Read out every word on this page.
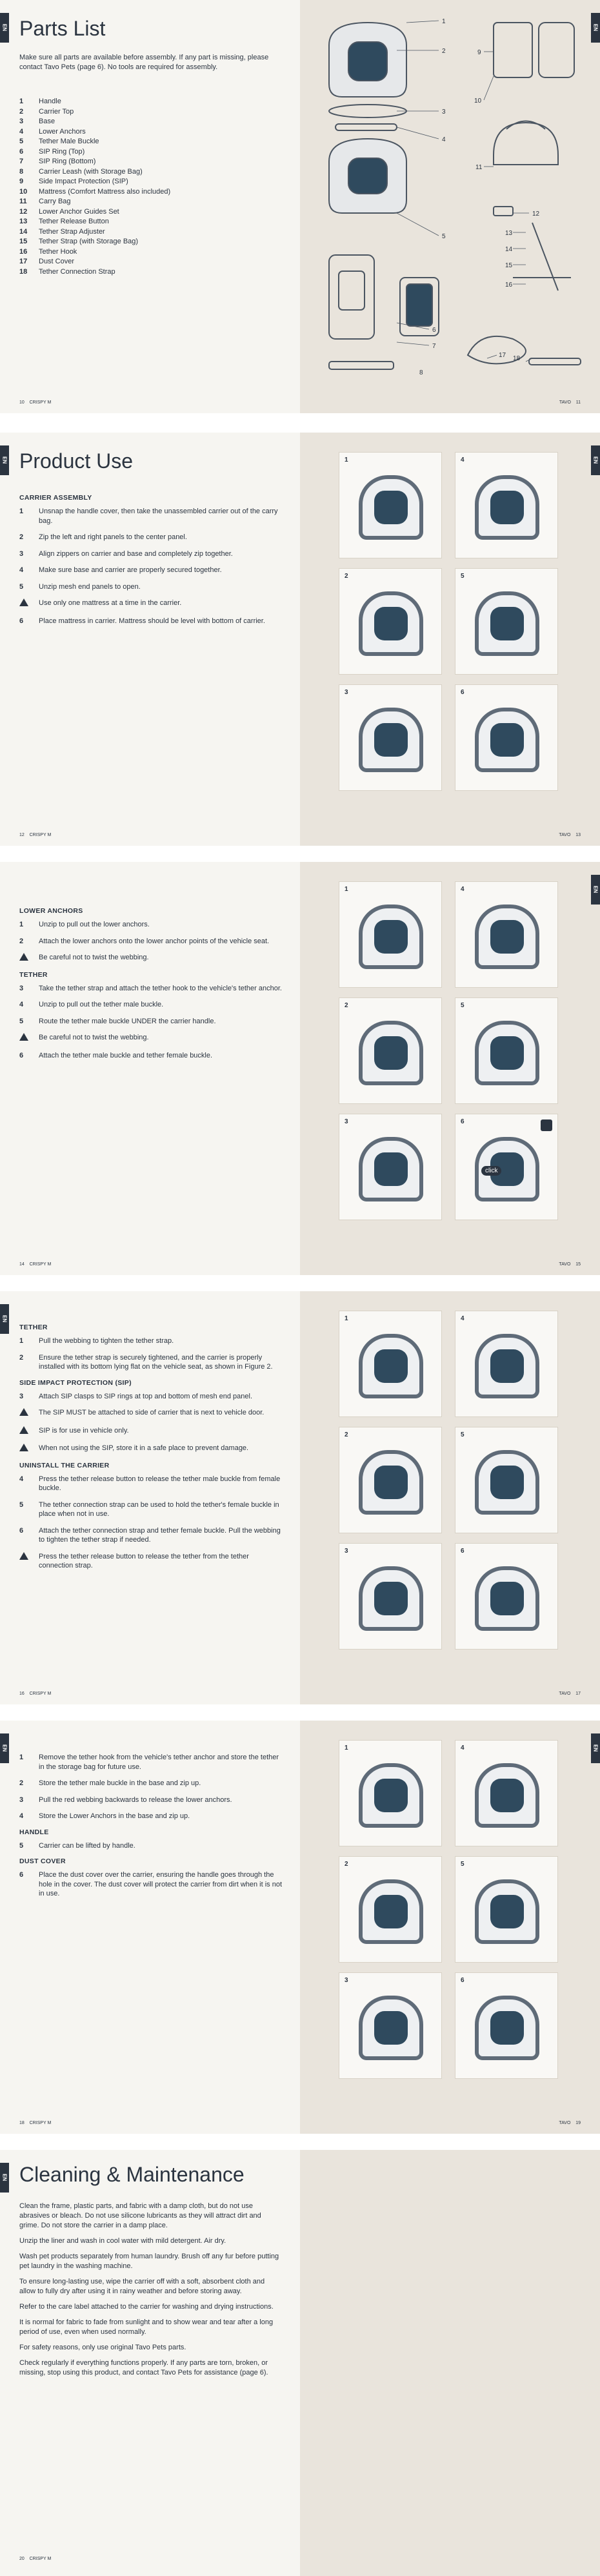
EN Parts List
Make sure all parts are available before assembly. If any part is missing, please contact Tavo Pets (page 6). No tools are required for assembly.
1	Handle
2	Carrier Top
3	Base
4	Lower Anchors
5	Tether Male Buckle
6	SIP Ring (Top)
7	SIP Ring (Bottom)
8	Carrier Leash (with Storage Bag)
9	Side Impact Protection (SIP)
10	Mattress (Comfort Mattress also included)
11	Carry Bag
12	Lower Anchor Guides Set
13	Tether Release Button
14	Tether Strap Adjuster
15	Tether Strap (with Storage Bag)
16	Tether Hook
17	Dust Cover
18	Tether Connection Strap
10 CRISPY M
EN
1
2
3
4
5
6
7
8
9
10
11
12
13
14
15
16
17 18
TAVO 11
EN Product Use
CARRIER ASSEMBLY
1	Unsnap the handle cover, then take the unassembled carrier out of the carry bag.
2	Zip the left and right panels to the center panel.
3	Align zippers on carrier and base and completely zip together.
4	Make sure base and carrier are properly secured together.
5	Unzip mesh end panels to open.
Use only one mattress at a time in the carrier.
6	Place mattress in carrier. Mattress should be level with bottom of carrier.
12 CRISPY M
EN
1	4
2	5
3	6
TAVO 13
LOWER ANCHORS
1	Unzip to pull out the lower anchors.
2	Attach the lower anchors onto the lower anchor points of the vehicle seat.
Be careful not to twist the webbing.
TETHER
3	Take the tether strap and attach the tether hook to the vehicle's tether anchor.
4	Unzip to pull out the tether male buckle.
5	Route the tether male buckle UNDER the carrier handle.
Be careful not to twist the webbing.
6	Attach the tether male buckle and tether female buckle.
14 CRISPY M
EN
1	4
2	5
3	6
click
TAVO 15
EN
TETHER
1	Pull the webbing to tighten the tether strap.
2	Ensure the tether strap is securely tightened, and the carrier is properly installed with its bottom lying flat on the vehicle seat, as shown in Figure 2.
SIDE IMPACT PROTECTION (SIP)
3	Attach SIP clasps to SIP rings at top and bottom of mesh end panel.
The SIP MUST be attached to side of carrier that is next to vehicle door.
SIP is for use in vehicle only.
When not using the SIP, store it in a safe place to prevent damage.
UNINSTALL THE CARRIER
4	Press the tether release button to release the tether male buckle from female buckle.
5	The tether connection strap can be used to hold the tether's female buckle in place when not in use.
6	Attach the tether connection strap and tether female buckle. Pull the webbing to tighten the tether strap if needed.
Press the tether release button to release the tether from the tether connection strap.
16 CRISPY M
1	4
2	5
3	6
TAVO 17
EN
1	Remove the tether hook from the vehicle's tether anchor and store the tether in the storage bag for future use.
2	Store the tether male buckle in the base and zip up.
3	Pull the red webbing backwards to release the lower anchors.
4	Store the Lower Anchors in the base and zip up.
HANDLE
5	Carrier can be lifted by handle.
DUST COVER
6	Place the dust cover over the carrier, ensuring the handle goes through the hole in the cover. The dust cover will protect the carrier from dirt when it is not in use.
18 CRISPY M
EN
1	4
2	5
3	6
TAVO 19
EN Cleaning & Maintenance

Clean the frame, plastic parts, and fabric with a damp cloth, but do not use abrasives or bleach. Do not use silicone lubricants as they will attract dirt and grime. Do not store the carrier in a damp place.

Unzip the liner and wash in cool water with mild detergent. Air dry.

Wash pet products separately from human laundry. Brush off any fur before putting pet laundry in the washing machine.

To ensure long-lasting use, wipe the carrier off with a soft, absorbent cloth and allow to fully dry after using it in rainy weather and before storing away.

Refer to the care label attached to the carrier for washing and drying instructions.

It is normal for fabric to fade from sunlight and to show wear and tear after a long period of use, even when used normally.

For safety reasons, only use original Tavo Pets parts.

Check regularly if everything functions properly. If any parts are torn, broken, or missing, stop using this product, and contact Tavo Pets for assistance (page 6).

20 CRISPY M
